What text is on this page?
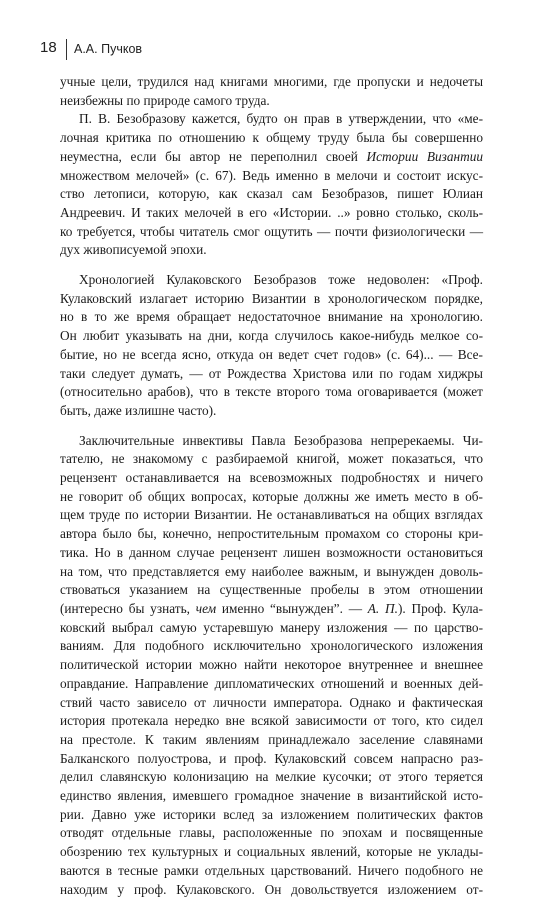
18 А.А. Пучков

учные цели, трудился над книгами многими, где пропуски и недочеты
неизбежны по природе самого труда.

П. В. Безобразову кажется, будто он прав в утверждении, что «ме-
лочная критика по отношению к общему труду была бы совершенно
неуместна, если бы автор не переполнил своей Истории Византии
множеством мелочей» (с. 67). Ведь именно в мелочи и состоит искус-
ство летописи, которую, как сказал сам Безобразов, пишет Юлиан
Андреевич. И таких мелочей в его «Истории. ..» ровно столько, сколь-
ко требуется, чтобы читатель смог ощутить — почти физиологически —
дух живописуемой эпохи.

Хронологией Кулаковского Безобразов тоже недоволен: «Проф.
Кулаковский излагает историю Византии в хронологическом порядке,
но в то же время обращает недостаточное внимание на хронологию.
Он любит указывать на дни, когда случилось какое-нибудь мелкое со-
бытие, но не всегда ясно, откуда он ведет счет годов» (с. 64)... — Все-
таки следует думать, — от Рождества Христова или по годам хиджры
(относительно арабов), что в тексте второго тома оговаривается (может
быть, даже излишне часто).

Заключительные инвективы Павла Безобразова непререкаемы. Чи-
тателю, не знакомому с разбираемой книгой, может показаться, что
рецензент останавливается на всевозможных подробностях и ничего
не говорит об общих вопросах, которые должны же иметь место в об-
щем труде по истории Византии. Не останавливаться на общих взглядах
автора было бы, конечно, непростительным промахом со стороны кри-
тика. Но в данном случае рецензент лишен возможности остановиться
на том, что представляется ему наиболее важным, и вынужден доволь-
ствоваться указанием на существенные пробелы в этом отношении
(интересно бы узнать, чем именно “вынужден”. — А. П.). Проф. Кула-
ковский выбрал самую устаревшую манеру изложения — по царство-
ваниям. Для подобного исключительно хронологического изложения
политической истории можно найти некоторое внутреннее и внешнее
оправдание. Направление дипломатических отношений и военных дей-
ствий часто зависело от личности императора. Однако и фактическая
история протекала нередко вне всякой зависимости от того, кто сидел
на престоле. К таким явлениям принадлежало заселение славянами
Балканского полуострова, и проф. Кулаковский совсем напрасно раз-
делил славянскую колонизацию на мелкие кусочки; от этого теряется
единство явления, имевшего громадное значение в византийской исто-
рии. Давно уже историки вслед за изложением политических фактов
отводят отдельные главы, расположенные по эпохам и посвященные
обозрению тех культурных и социальных явлений, которые не уклады-
ваются в тесные рамки отдельных царствований. Ничего подобного не
находим у проф. Кулаковского. Он довольствуется изложением от-
